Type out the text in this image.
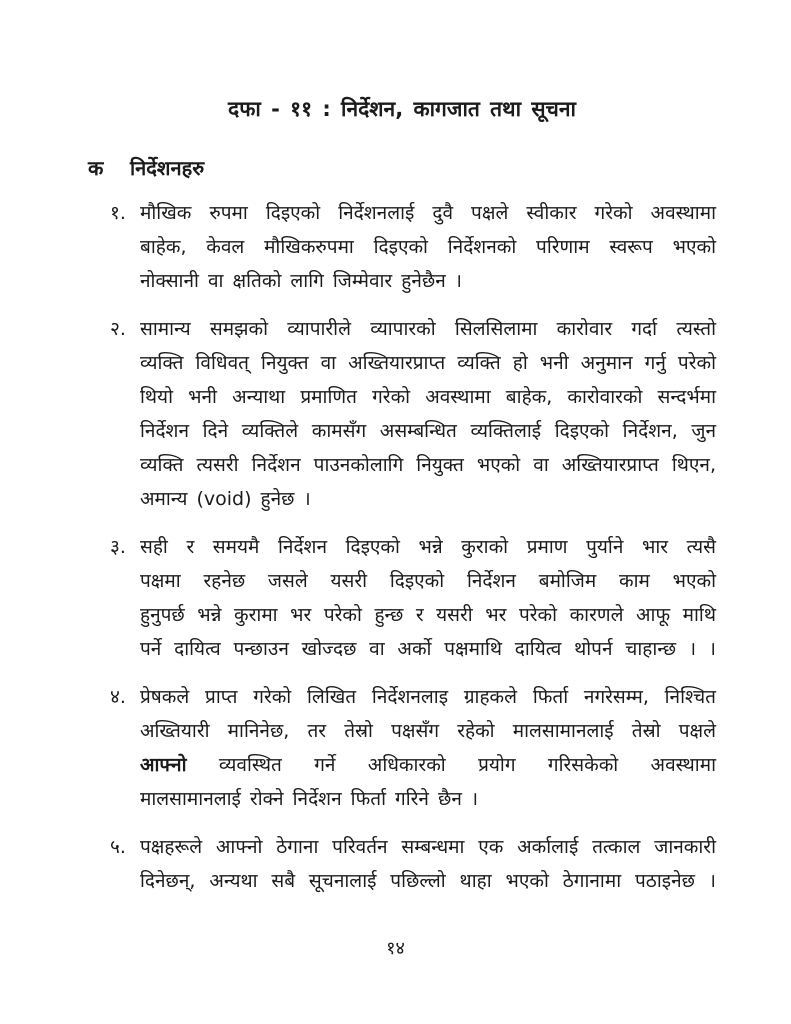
दफा - ११ : निर्देशन, कागजात तथा सूचना
क	निर्देशनहरु
१. मौखिक रुपमा दिइएको निर्देशनलाई दुवै पक्षले स्वीकार गरेको अवस्थामा
बाहेक, केवल मौखिकरुपमा दिइएको निर्देशनको परिणाम स्वरूप भएको
नोक्सानी वा क्षतिको लागि जिम्मेवार हुनेछैन ।
२. सामान्य समझको व्यापारीले व्यापारको सिलसिलामा कारोवार गर्दा त्यस्तो
व्यक्ति विधिवत् नियुक्त वा अख्तियारप्राप्त व्यक्ति हो भनी अनुमान गर्नु परेको
थियो भनी अन्याथा प्रमाणित गरेको अवस्थामा बाहेक, कारोवारको सन्दर्भमा
निर्देशन दिने व्यक्तिले कामसँग असम्बन्धित व्यक्तिलाई दिइएको निर्देशन, जुन
व्यक्ति त्यसरी निर्देशन पाउनकोलागि नियुक्त भएको वा अख्तियारप्राप्त थिएन,
अमान्य (void) हुनेछ ।
३. सही र समयमै निर्देशन दिइएको भन्ने कुराको प्रमाण पुर्याने भार त्यसै
पक्षमा रहनेछ जसले यसरी दिइएको निर्देशन बमोजिम काम भएको
हुनुपर्छ भन्ने कुरामा भर परेको हुन्छ र यसरी भर परेको कारणले आफू माथि
पर्ने दायित्व पन्छाउन खोज्दछ वा अर्को पक्षमाथि दायित्व थोपर्न चाहान्छ । ।
४. प्रेषकले प्राप्त गरेको लिखित निर्देशनलाइ ग्राहकले फिर्ता नगरेसम्म, निश्चित
अख्तियारी मानिनेछ, तर तेस्रो पक्षसँग रहेको मालसामानलाई तेस्रो पक्षले
आफ्नो व्यवस्थित गर्ने अधिकारको प्रयोग गरिसकेको अवस्थामा
मालसामानलाई रोक्ने निर्देशन फिर्ता गरिने छैन ।
५. पक्षहरूले आफ्नो ठेगाना परिवर्तन सम्बन्धमा एक अर्कालाई तत्काल जानकारी
दिनेछन्, अन्यथा सबै सूचनालाई पछिल्लो थाहा भएको ठेगानामा पठाइनेछ ।
१४
